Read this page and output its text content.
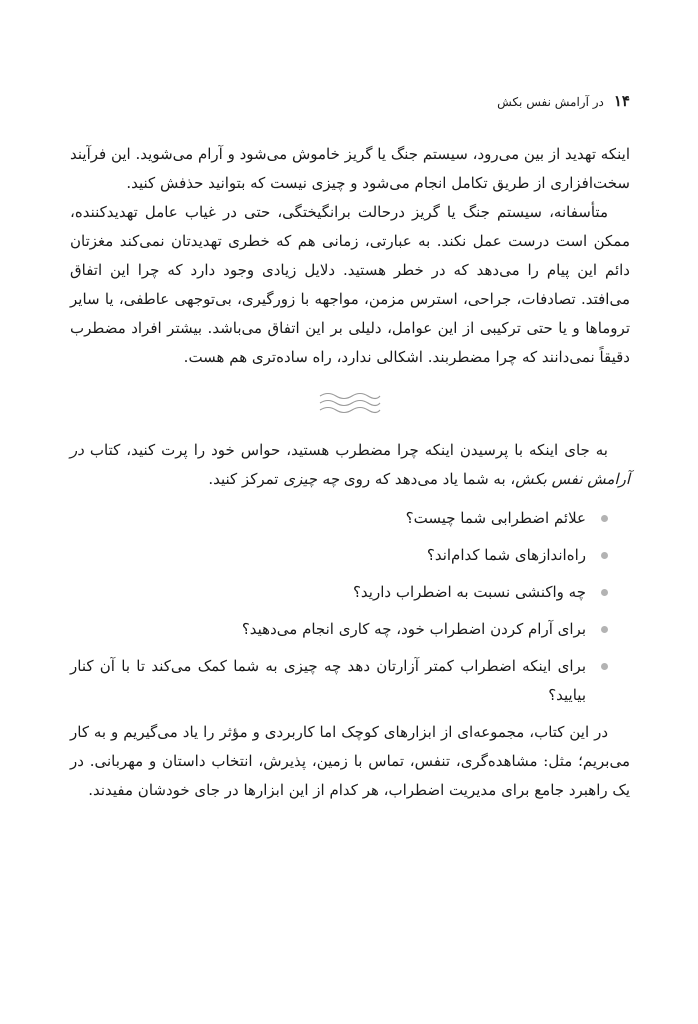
۱۴
در آرامش نفس بکش

اینکه تهدید از بین می‌رود، سیستم جنگ یا گریز خاموش می‌شود و آرام می‌شوید. این فرآیند سخت‌افزاری از طریق تکامل انجام می‌شود و چیزی نیست که بتوانید حذفش کنید.

متأسفانه، سیستم جنگ یا گریز درحالت برانگیختگی، حتی در غیاب عامل تهدیدکننده، ممکن است درست عمل نکند. به عبارتی، زمانی هم که خطری تهدیدتان نمی‌کند مغزتان دائم این پیام را می‌دهد که در خطر هستید. دلایل زیادی وجود دارد که چرا این اتفاق می‌افتد. تصادفات، جراحی، استرس مزمن، مواجهه با زورگیری، بی‌توجهی عاطفی، یا سایر تروماها و یا حتی ترکیبی از این عوامل، دلیلی بر این اتفاق می‌باشد. بیشتر افراد مضطرب دقیقاً نمی‌دانند که چرا مضطربند. اشکالی ندارد، راه ساده‌تری هم هست.

به جای اینکه با پرسیدن اینکه چرا مضطرب هستید، حواس خود را پرت کنید، کتاب در آرامش نفس بکش، به شما یاد می‌دهد که روی چه چیزی تمرکز کنید.

علائم اضطرابی شما چیست؟
راه‌اندازهای شما کدام‌اند؟
چه واکنشی نسبت به اضطراب دارید؟
برای آرام کردن اضطراب خود، چه کاری انجام می‌دهید؟
برای اینکه اضطراب کمتر آزارتان دهد چه چیزی به شما کمک می‌کند تا با آن کنار بیایید؟

در این کتاب، مجموعه‌ای از ابزارهای کوچک اما کاربردی و مؤثر را یاد می‌گیریم و به کار می‌بریم؛ مثل: مشاهده‌گری، تنفس، تماس با زمین، پذیرش، انتخاب داستان و مهربانی. در یک راهبرد جامع برای مدیریت اضطراب، هر کدام از این ابزارها در جای خودشان مفیدند.
